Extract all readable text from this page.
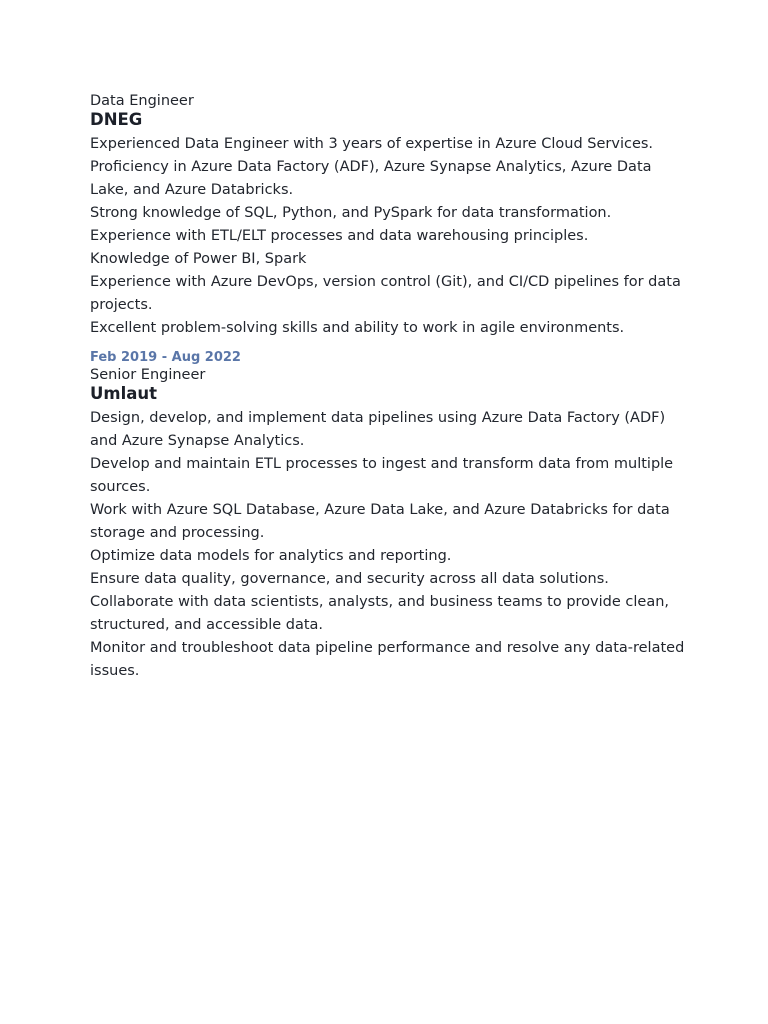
Data Engineer

DNEG

Experienced Data Engineer with 3 years of expertise in Azure Cloud Services.
Proficiency in Azure Data Factory (ADF), Azure Synapse Analytics, Azure Data Lake, and Azure Databricks.
Strong knowledge of SQL, Python, and PySpark for data transformation.
Experience with ETL/ELT processes and data warehousing principles.
Knowledge of Power BI, Spark
Experience with Azure DevOps, version control (Git), and CI/CD pipelines for data projects.
Excellent problem-solving skills and ability to work in agile environments.

Feb 2019 - Aug 2022

Senior Engineer

Umlaut

Design, develop, and implement data pipelines using Azure Data Factory (ADF) and Azure Synapse Analytics.
Develop and maintain ETL processes to ingest and transform data from multiple sources.
Work with Azure SQL Database, Azure Data Lake, and Azure Databricks for data storage and processing.
Optimize data models for analytics and reporting.
Ensure data quality, governance, and security across all data solutions.
Collaborate with data scientists, analysts, and business teams to provide clean, structured, and accessible data.
Monitor and troubleshoot data pipeline performance and resolve any data-related issues.
